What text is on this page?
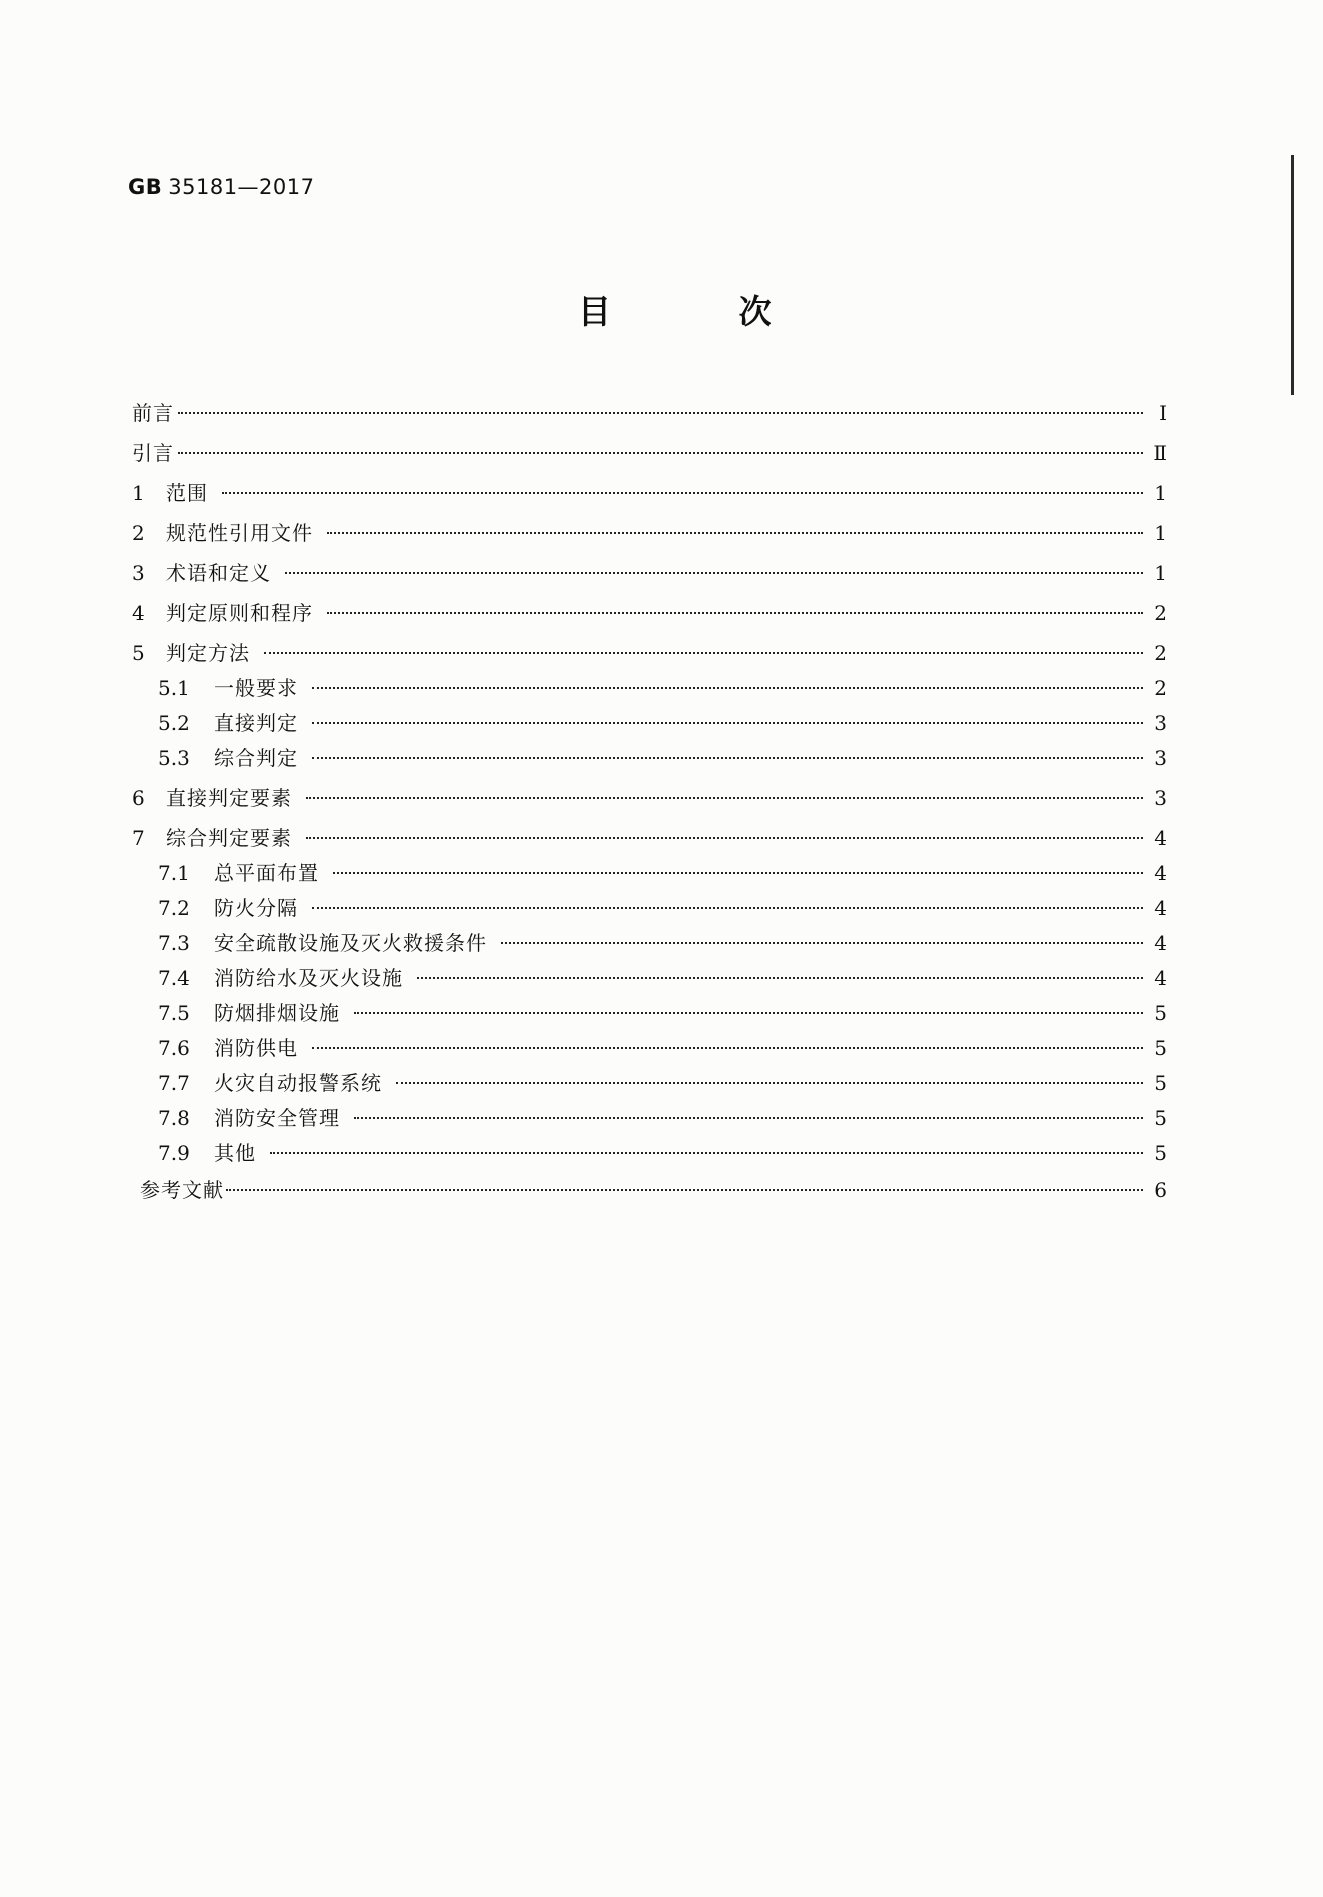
GB 35181—2017
目 次
前言	Ⅰ
引言	Ⅱ
1	范围	1
2	规范性引用文件	1
3	术语和定义	1
4	判定原则和程序	2
5	判定方法	2
5.1	一般要求	2
5.2	直接判定	3
5.3	综合判定	3
6	直接判定要素	3
7	综合判定要素	4
7.1	总平面布置	4
7.2	防火分隔	4
7.3	安全疏散设施及灭火救援条件	4
7.4	消防给水及灭火设施	4
7.5	防烟排烟设施	5
7.6	消防供电	5
7.7	火灾自动报警系统	5
7.8	消防安全管理	5
7.9	其他	5
参考文献	6
